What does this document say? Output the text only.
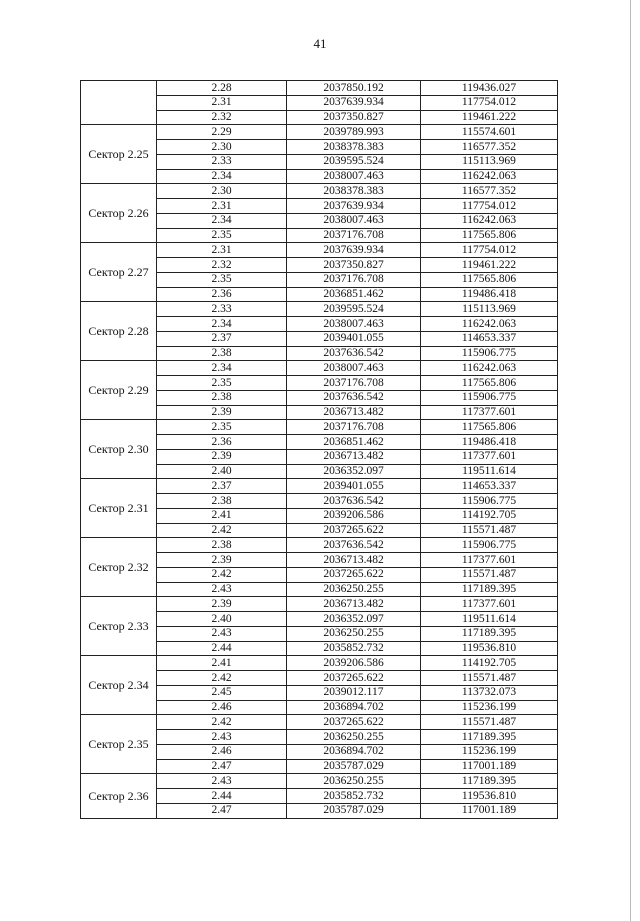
41
	2.28	2037850.192	119436.027
	2.31	2037639.934	117754.012
	2.32	2037350.827	119461.222
Сектор 2.25	2.29	2039789.993	115574.601
	2.30	2038378.383	116577.352
	2.33	2039595.524	115113.969
	2.34	2038007.463	116242.063
Сектор 2.26	2.30	2038378.383	116577.352
	2.31	2037639.934	117754.012
	2.34	2038007.463	116242.063
	2.35	2037176.708	117565.806
Сектор 2.27	2.31	2037639.934	117754.012
	2.32	2037350.827	119461.222
	2.35	2037176.708	117565.806
	2.36	2036851.462	119486.418
Сектор 2.28	2.33	2039595.524	115113.969
	2.34	2038007.463	116242.063
	2.37	2039401.055	114653.337
	2.38	2037636.542	115906.775
Сектор 2.29	2.34	2038007.463	116242.063
	2.35	2037176.708	117565.806
	2.38	2037636.542	115906.775
	2.39	2036713.482	117377.601
Сектор 2.30	2.35	2037176.708	117565.806
	2.36	2036851.462	119486.418
	2.39	2036713.482	117377.601
	2.40	2036352.097	119511.614
Сектор 2.31	2.37	2039401.055	114653.337
	2.38	2037636.542	115906.775
	2.41	2039206.586	114192.705
	2.42	2037265.622	115571.487
Сектор 2.32	2.38	2037636.542	115906.775
	2.39	2036713.482	117377.601
	2.42	2037265.622	115571.487
	2.43	2036250.255	117189.395
Сектор 2.33	2.39	2036713.482	117377.601
	2.40	2036352.097	119511.614
	2.43	2036250.255	117189.395
	2.44	2035852.732	119536.810
Сектор 2.34	2.41	2039206.586	114192.705
	2.42	2037265.622	115571.487
	2.45	2039012.117	113732.073
	2.46	2036894.702	115236.199
Сектор 2.35	2.42	2037265.622	115571.487
	2.43	2036250.255	117189.395
	2.46	2036894.702	115236.199
	2.47	2035787.029	117001.189
Сектор 2.36	2.43	2036250.255	117189.395
	2.44	2035852.732	119536.810
	2.47	2035787.029	117001.189
